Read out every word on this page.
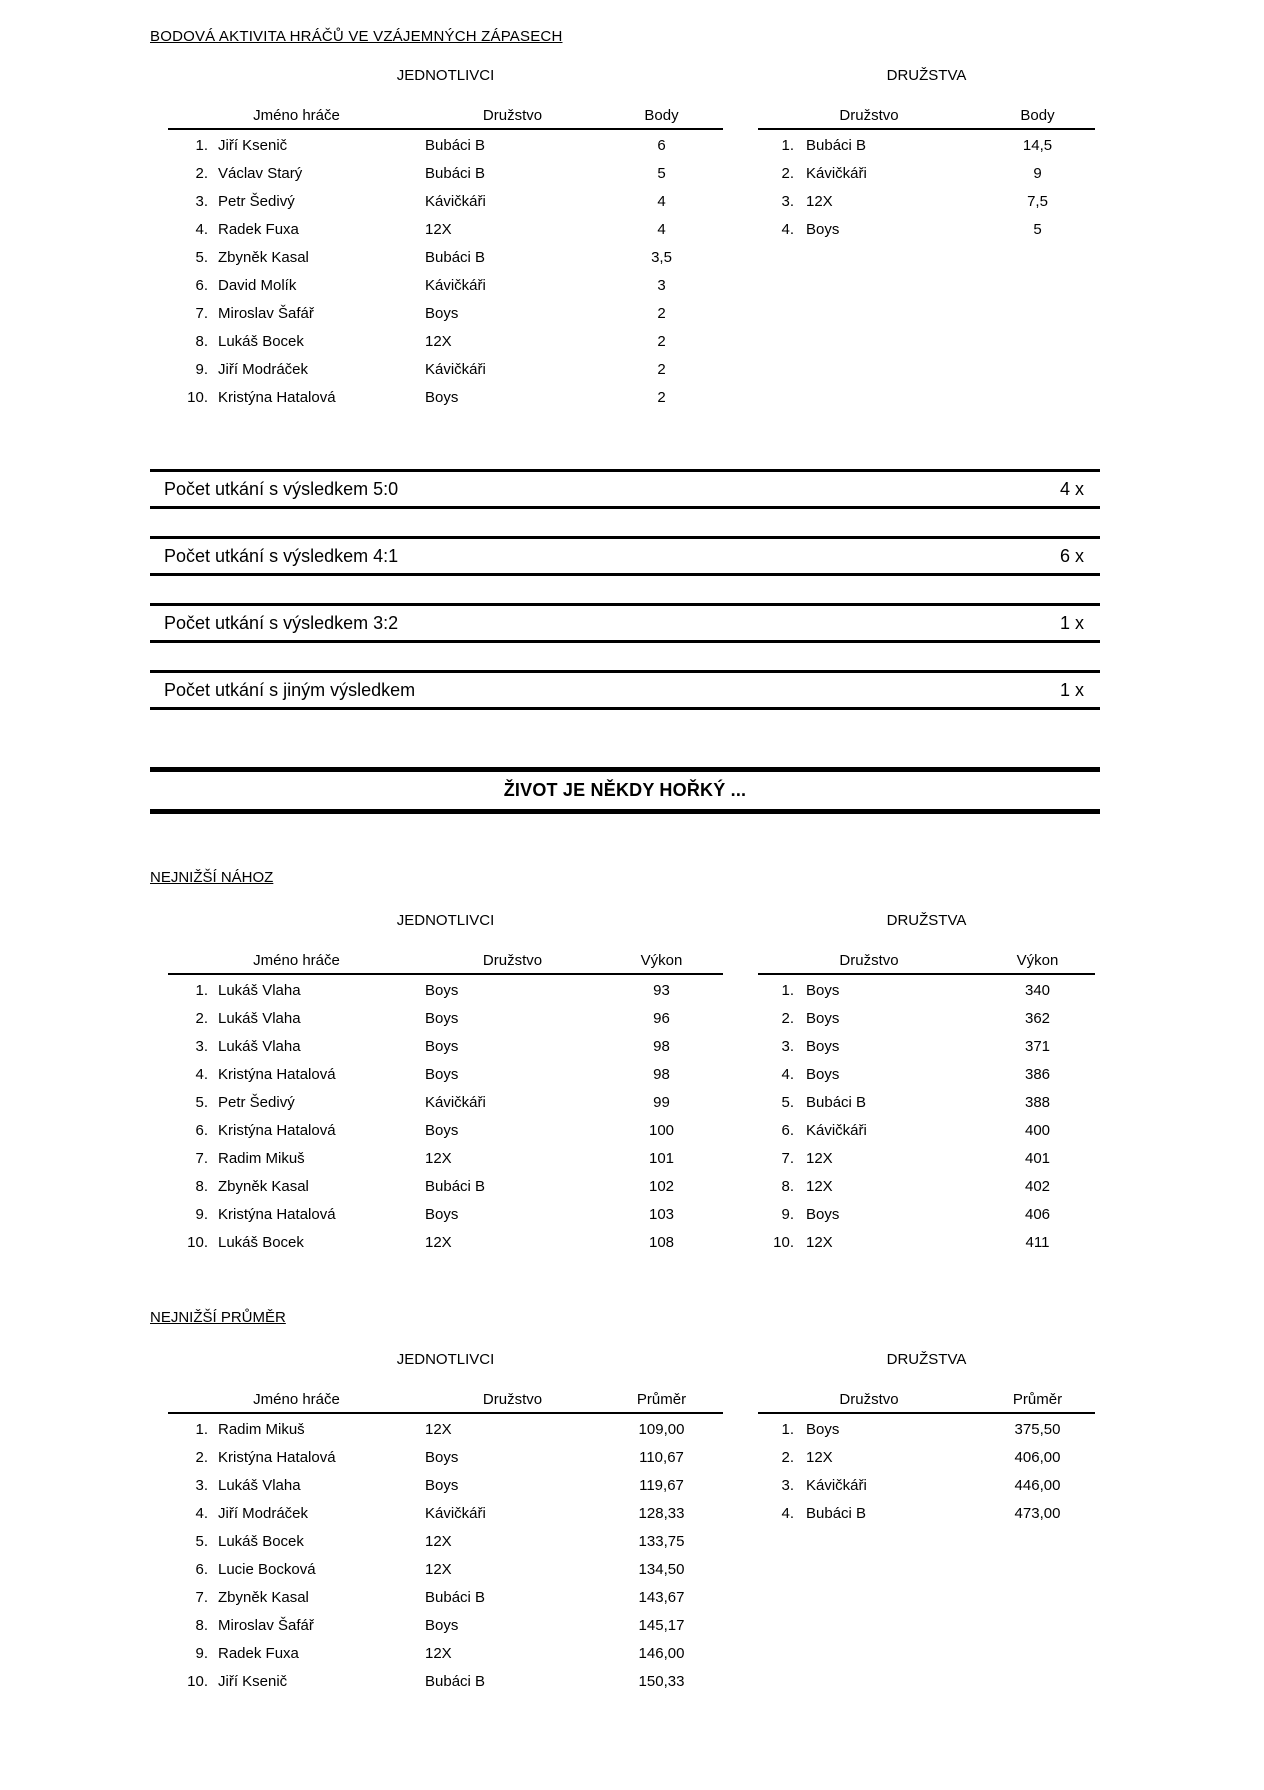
BODOVÁ AKTIVITA HRÁČŮ VE VZÁJEMNÝCH ZÁPASECH
JEDNOTLIVCI
Jméno hráče	Družstvo	Body
1. Jiří Ksenič	Bubáci B	6
2. Václav Starý	Bubáci B	5
3. Petr Šedivý	Kávičkáři	4
4. Radek Fuxa	12X	4
5. Zbyněk Kasal	Bubáci B	3,5
6. David Molík	Kávičkáři	3
7. Miroslav Šafář	Boys	2
8. Lukáš Bocek	12X	2
9. Jiří Modráček	Kávičkáři	2
10. Kristýna Hatalová	Boys	2
DRUŽSTVA
Družstvo	Body
1. Bubáci B	14,5
2. Kávičkáři	9
3. 12X	7,5
4. Boys	5
Počet utkání s výsledkem 5:0	4 x
Počet utkání s výsledkem 4:1	6 x
Počet utkání s výsledkem 3:2	1 x
Počet utkání s jiným výsledkem	1 x
ŽIVOT JE NĚKDY HOŘKÝ ...
NEJNIŽŠÍ NÁHOZ
JEDNOTLIVCI
Jméno hráče	Družstvo	Výkon
1. Lukáš Vlaha	Boys	93
2. Lukáš Vlaha	Boys	96
3. Lukáš Vlaha	Boys	98
4. Kristýna Hatalová	Boys	98
5. Petr Šedivý	Kávičkáři	99
6. Kristýna Hatalová	Boys	100
7. Radim Mikuš	12X	101
8. Zbyněk Kasal	Bubáci B	102
9. Kristýna Hatalová	Boys	103
10. Lukáš Bocek	12X	108
DRUŽSTVA
Družstvo	Výkon
1. Boys	340
2. Boys	362
3. Boys	371
4. Boys	386
5. Bubáci B	388
6. Kávičkáři	400
7. 12X	401
8. 12X	402
9. Boys	406
10. 12X	411
NEJNIŽŠÍ PRŮMĚR
JEDNOTLIVCI
Jméno hráče	Družstvo	Průměr
1. Radim Mikuš	12X	109,00
2. Kristýna Hatalová	Boys	110,67
3. Lukáš Vlaha	Boys	119,67
4. Jiří Modráček	Kávičkáři	128,33
5. Lukáš Bocek	12X	133,75
6. Lucie Bocková	12X	134,50
7. Zbyněk Kasal	Bubáci B	143,67
8. Miroslav Šafář	Boys	145,17
9. Radek Fuxa	12X	146,00
10. Jiří Ksenič	Bubáci B	150,33
DRUŽSTVA
Družstvo	Průměr
1. Boys	375,50
2. 12X	406,00
3. Kávičkáři	446,00
4. Bubáci B	473,00
